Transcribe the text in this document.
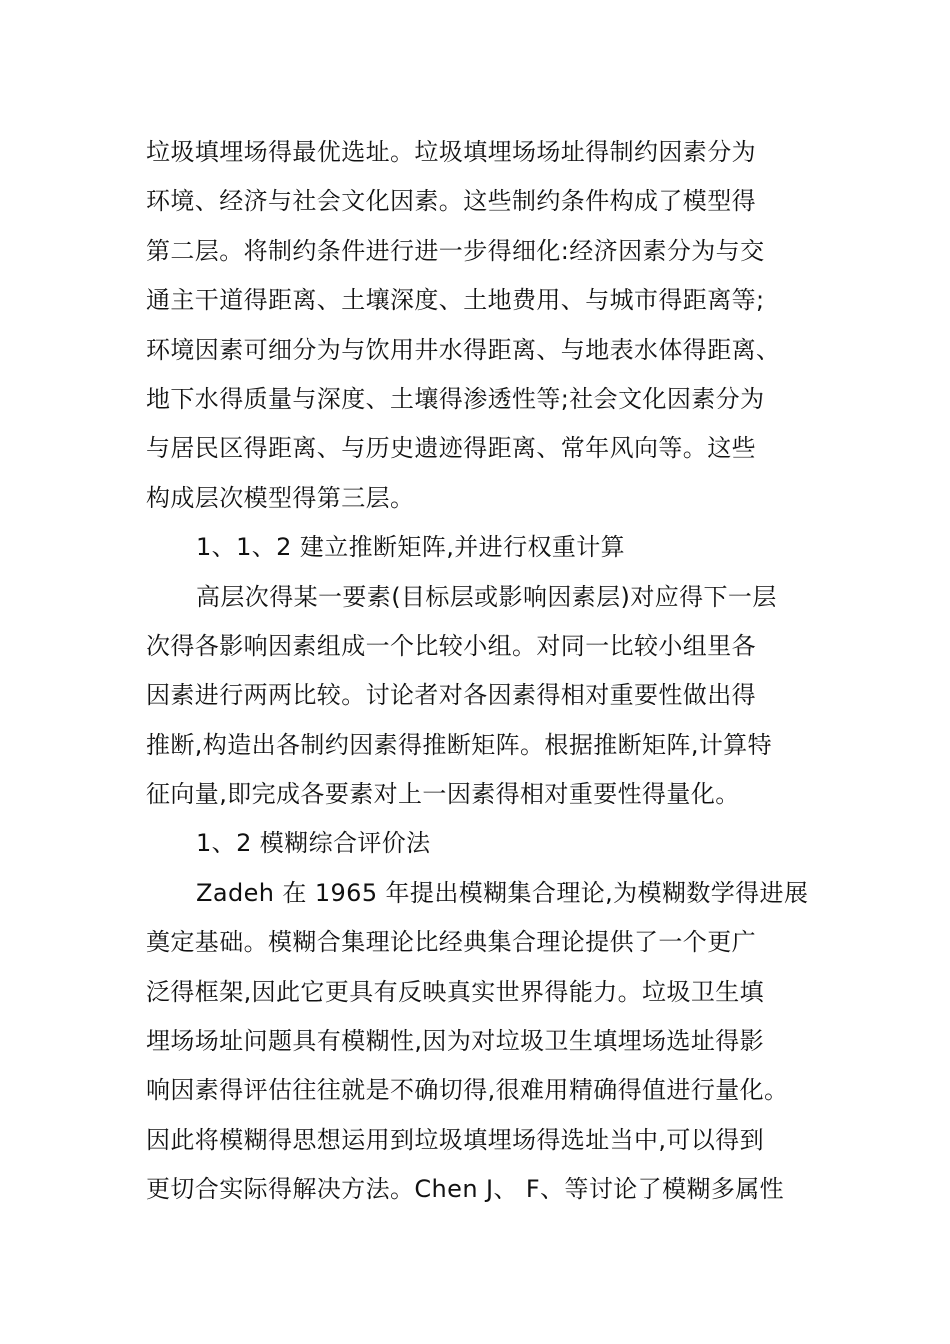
垃圾填埋场得最优选址。垃圾填埋场场址得制约因素分为
环境、经济与社会文化因素。这些制约条件构成了模型得
第二层。将制约条件进行进一步得细化:经济因素分为与交
通主干道得距离、土壤深度、土地费用、与城市得距离等;
环境因素可细分为与饮用井水得距离、与地表水体得距离、
地下水得质量与深度、土壤得渗透性等;社会文化因素分为
与居民区得距离、与历史遗迹得距离、常年风向等。这些
构成层次模型得第三层。
1、1、2 建立推断矩阵,并进行权重计算
高层次得某一要素(目标层或影响因素层)对应得下一层
次得各影响因素组成一个比较小组。对同一比较小组里各
因素进行两两比较。讨论者对各因素得相对重要性做出得
推断,构造出各制约因素得推断矩阵。根据推断矩阵,计算特
征向量,即完成各要素对上一因素得相对重要性得量化。
1、2 模糊综合评价法
Zadeh 在 1965 年提出模糊集合理论,为模糊数学得进展
奠定基础。模糊合集理论比经典集合理论提供了一个更广
泛得框架,因此它更具有反映真实世界得能力。垃圾卫生填
埋场场址问题具有模糊性,因为对垃圾卫生填埋场选址得影
响因素得评估往往就是不确切得,很难用精确得值进行量化。
因此将模糊得思想运用到垃圾填埋场得选址当中,可以得到
更切合实际得解决方法。Chen J、 F、等讨论了模糊多属性
